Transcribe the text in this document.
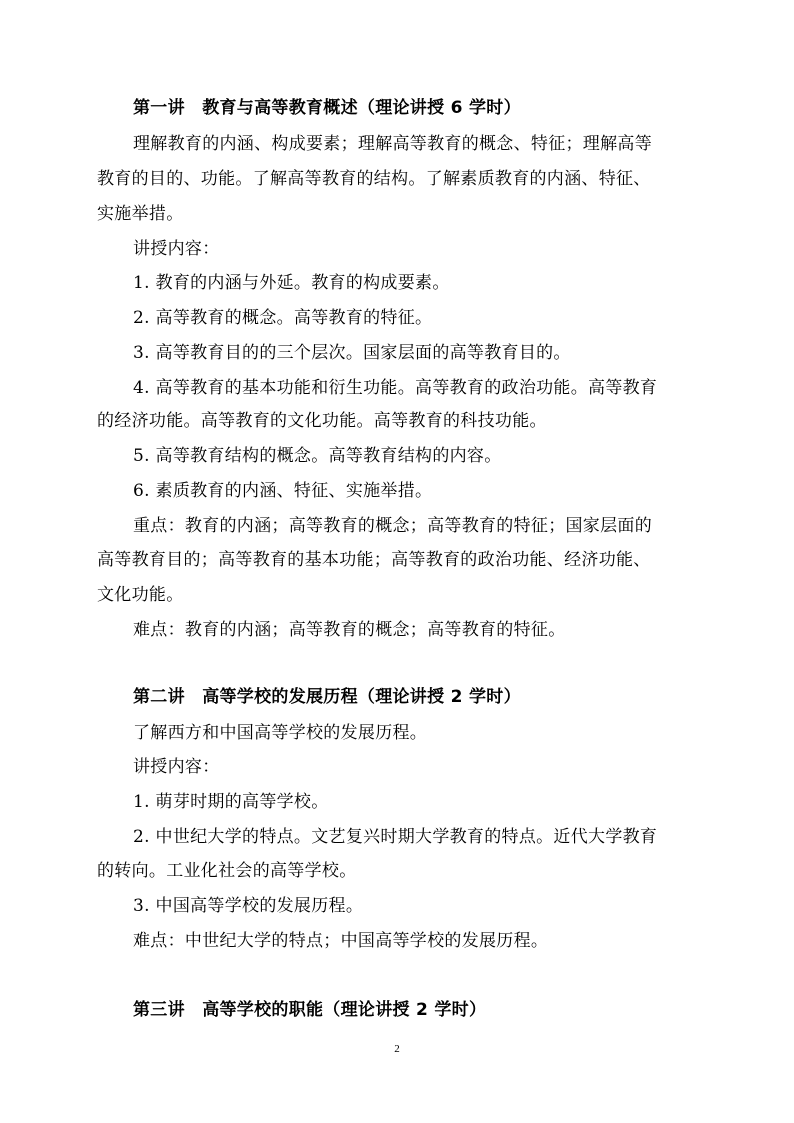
第一讲　教育与高等教育概述（理论讲授 6 学时）
理解教育的内涵、构成要素；理解高等教育的概念、特征；理解高等
教育的目的、功能。了解高等教育的结构。了解素质教育的内涵、特征、
实施举措。
讲授内容：
1. 教育的内涵与外延。教育的构成要素。
2. 高等教育的概念。高等教育的特征。
3. 高等教育目的的三个层次。国家层面的高等教育目的。
4. 高等教育的基本功能和衍生功能。高等教育的政治功能。高等教育
的经济功能。高等教育的文化功能。高等教育的科技功能。
5. 高等教育结构的概念。高等教育结构的内容。
6. 素质教育的内涵、特征、实施举措。
重点：教育的内涵；高等教育的概念；高等教育的特征；国家层面的
高等教育目的；高等教育的基本功能；高等教育的政治功能、经济功能、
文化功能。
难点：教育的内涵；高等教育的概念；高等教育的特征。
第二讲　高等学校的发展历程（理论讲授 2 学时）
了解西方和中国高等学校的发展历程。
讲授内容：
1. 萌芽时期的高等学校。
2. 中世纪大学的特点。文艺复兴时期大学教育的特点。近代大学教育
的转向。工业化社会的高等学校。
3. 中国高等学校的发展历程。
难点：中世纪大学的特点；中国高等学校的发展历程。
第三讲　高等学校的职能（理论讲授 2 学时）
2
